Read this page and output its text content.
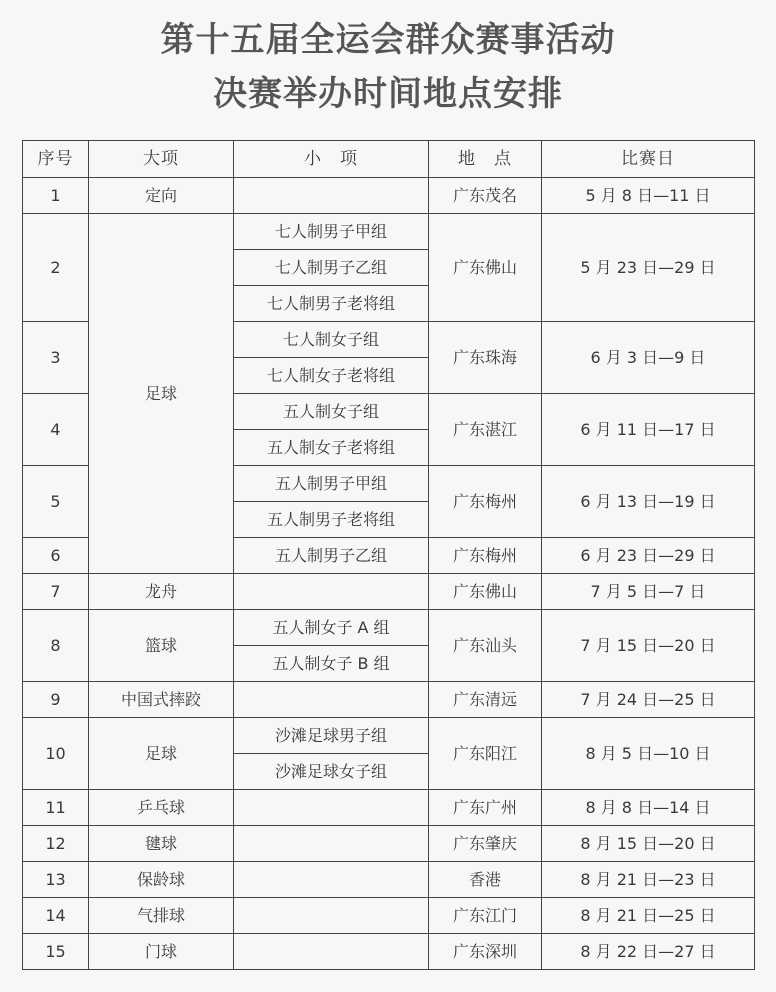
第十五届全运会群众赛事活动
决赛举办时间地点安排
序号	大项	小　项	地　点	比赛日
1	定向		广东茂名	5 月 8 日—11 日
2	足球	七人制男子甲组	广东佛山	5 月 23 日—29 日
		七人制男子乙组		
		七人制男子老将组		
3		七人制女子组	广东珠海	6 月 3 日—9 日
		七人制女子老将组		
4		五人制女子组	广东湛江	6 月 11 日—17 日
		五人制女子老将组		
5		五人制男子甲组	广东梅州	6 月 13 日—19 日
		五人制男子老将组		
6		五人制男子乙组	广东梅州	6 月 23 日—29 日
7	龙舟		广东佛山	7 月 5 日—7 日
8	篮球	五人制女子 A 组	广东汕头	7 月 15 日—20 日
		五人制女子 B 组		
9	中国式摔跤		广东清远	7 月 24 日—25 日
10	足球	沙滩足球男子组	广东阳江	8 月 5 日—10 日
		沙滩足球女子组		
11	乒乓球		广东广州	8 月 8 日—14 日
12	毽球		广东肇庆	8 月 15 日—20 日
13	保龄球		香港	8 月 21 日—23 日
14	气排球		广东江门	8 月 21 日—25 日
15	门球		广东深圳	8 月 22 日—27 日
